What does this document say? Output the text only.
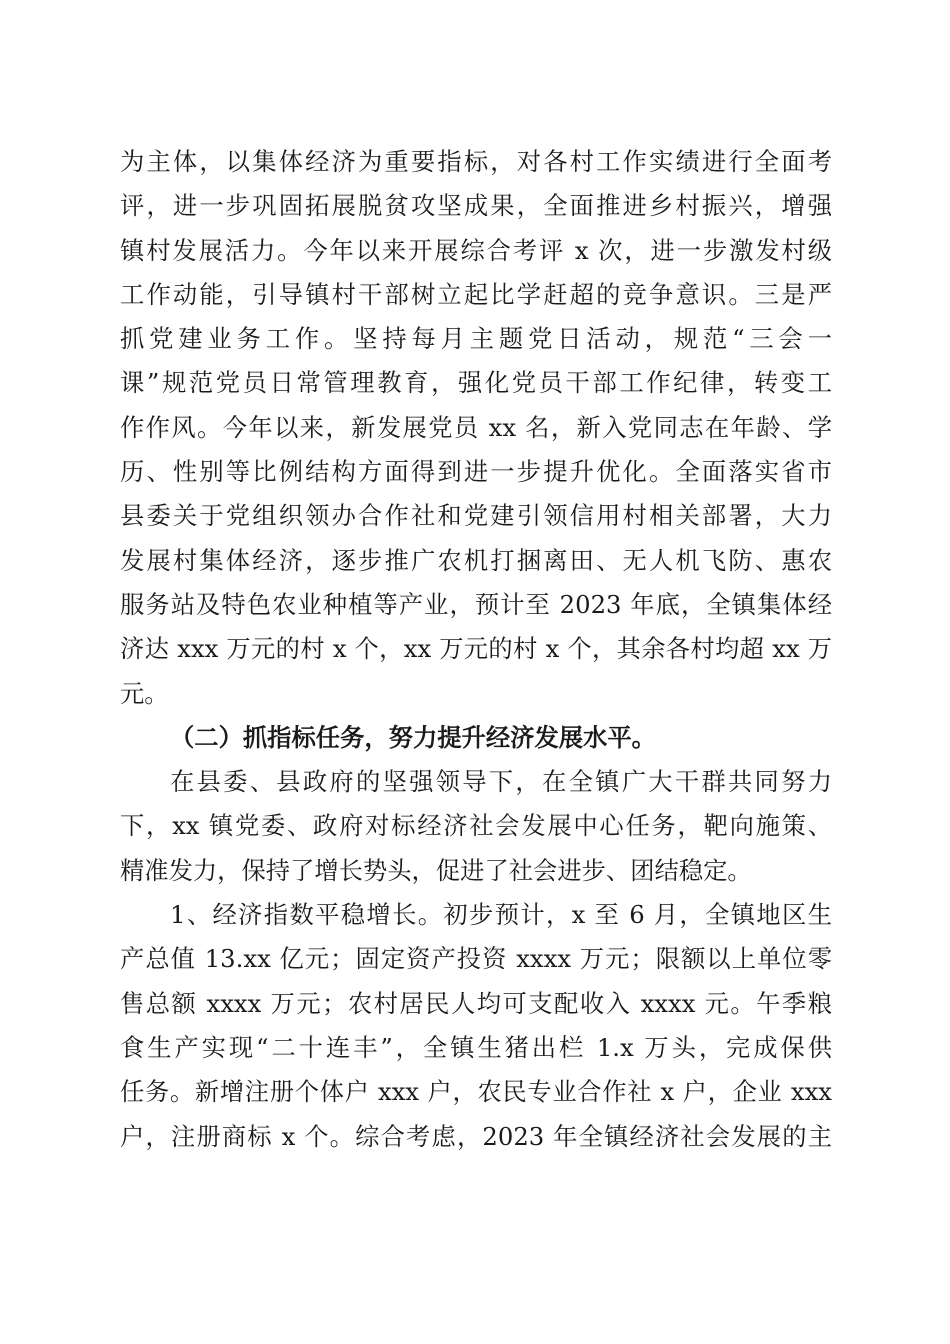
为主体，以集体经济为重要指标，对各村工作实绩进行全面考
评，进一步巩固拓展脱贫攻坚成果，全面推进乡村振兴，增强
镇村发展活力。今年以来开展综合考评 x 次，进一步激发村级
工作动能，引导镇村干部树立起比学赶超的竞争意识。三是严
抓党建业务工作。坚持每月主题党日活动，规范“三会一
课”规范党员日常管理教育，强化党员干部工作纪律，转变工
作作风。今年以来，新发展党员 xx 名，新入党同志在年龄、学
历、性别等比例结构方面得到进一步提升优化。全面落实省市
县委关于党组织领办合作社和党建引领信用村相关部署，大力
发展村集体经济，逐步推广农机打捆离田、无人机飞防、惠农
服务站及特色农业种植等产业，预计至 2023 年底，全镇集体经
济达 xxx 万元的村 x 个，xx 万元的村 x 个，其余各村均超 xx 万
元。
（二）抓指标任务，努力提升经济发展水平。
在县委、县政府的坚强领导下，在全镇广大干群共同努力
下，xx 镇党委、政府对标经济社会发展中心任务，靶向施策、
精准发力，保持了增长势头，促进了社会进步、团结稳定。
1、经济指数平稳增长。初步预计，x 至 6 月，全镇地区生
产总值 13.xx 亿元；固定资产投资 xxxx 万元；限额以上单位零
售总额 xxxx 万元；农村居民人均可支配收入 xxxx 元。午季粮
食生产实现“二十连丰”，全镇生猪出栏 1.x 万头，完成保供
任务。新增注册个体户 xxx 户，农民专业合作社 x 户，企业 xxx
户，注册商标 x 个。综合考虑，2023 年全镇经济社会发展的主
